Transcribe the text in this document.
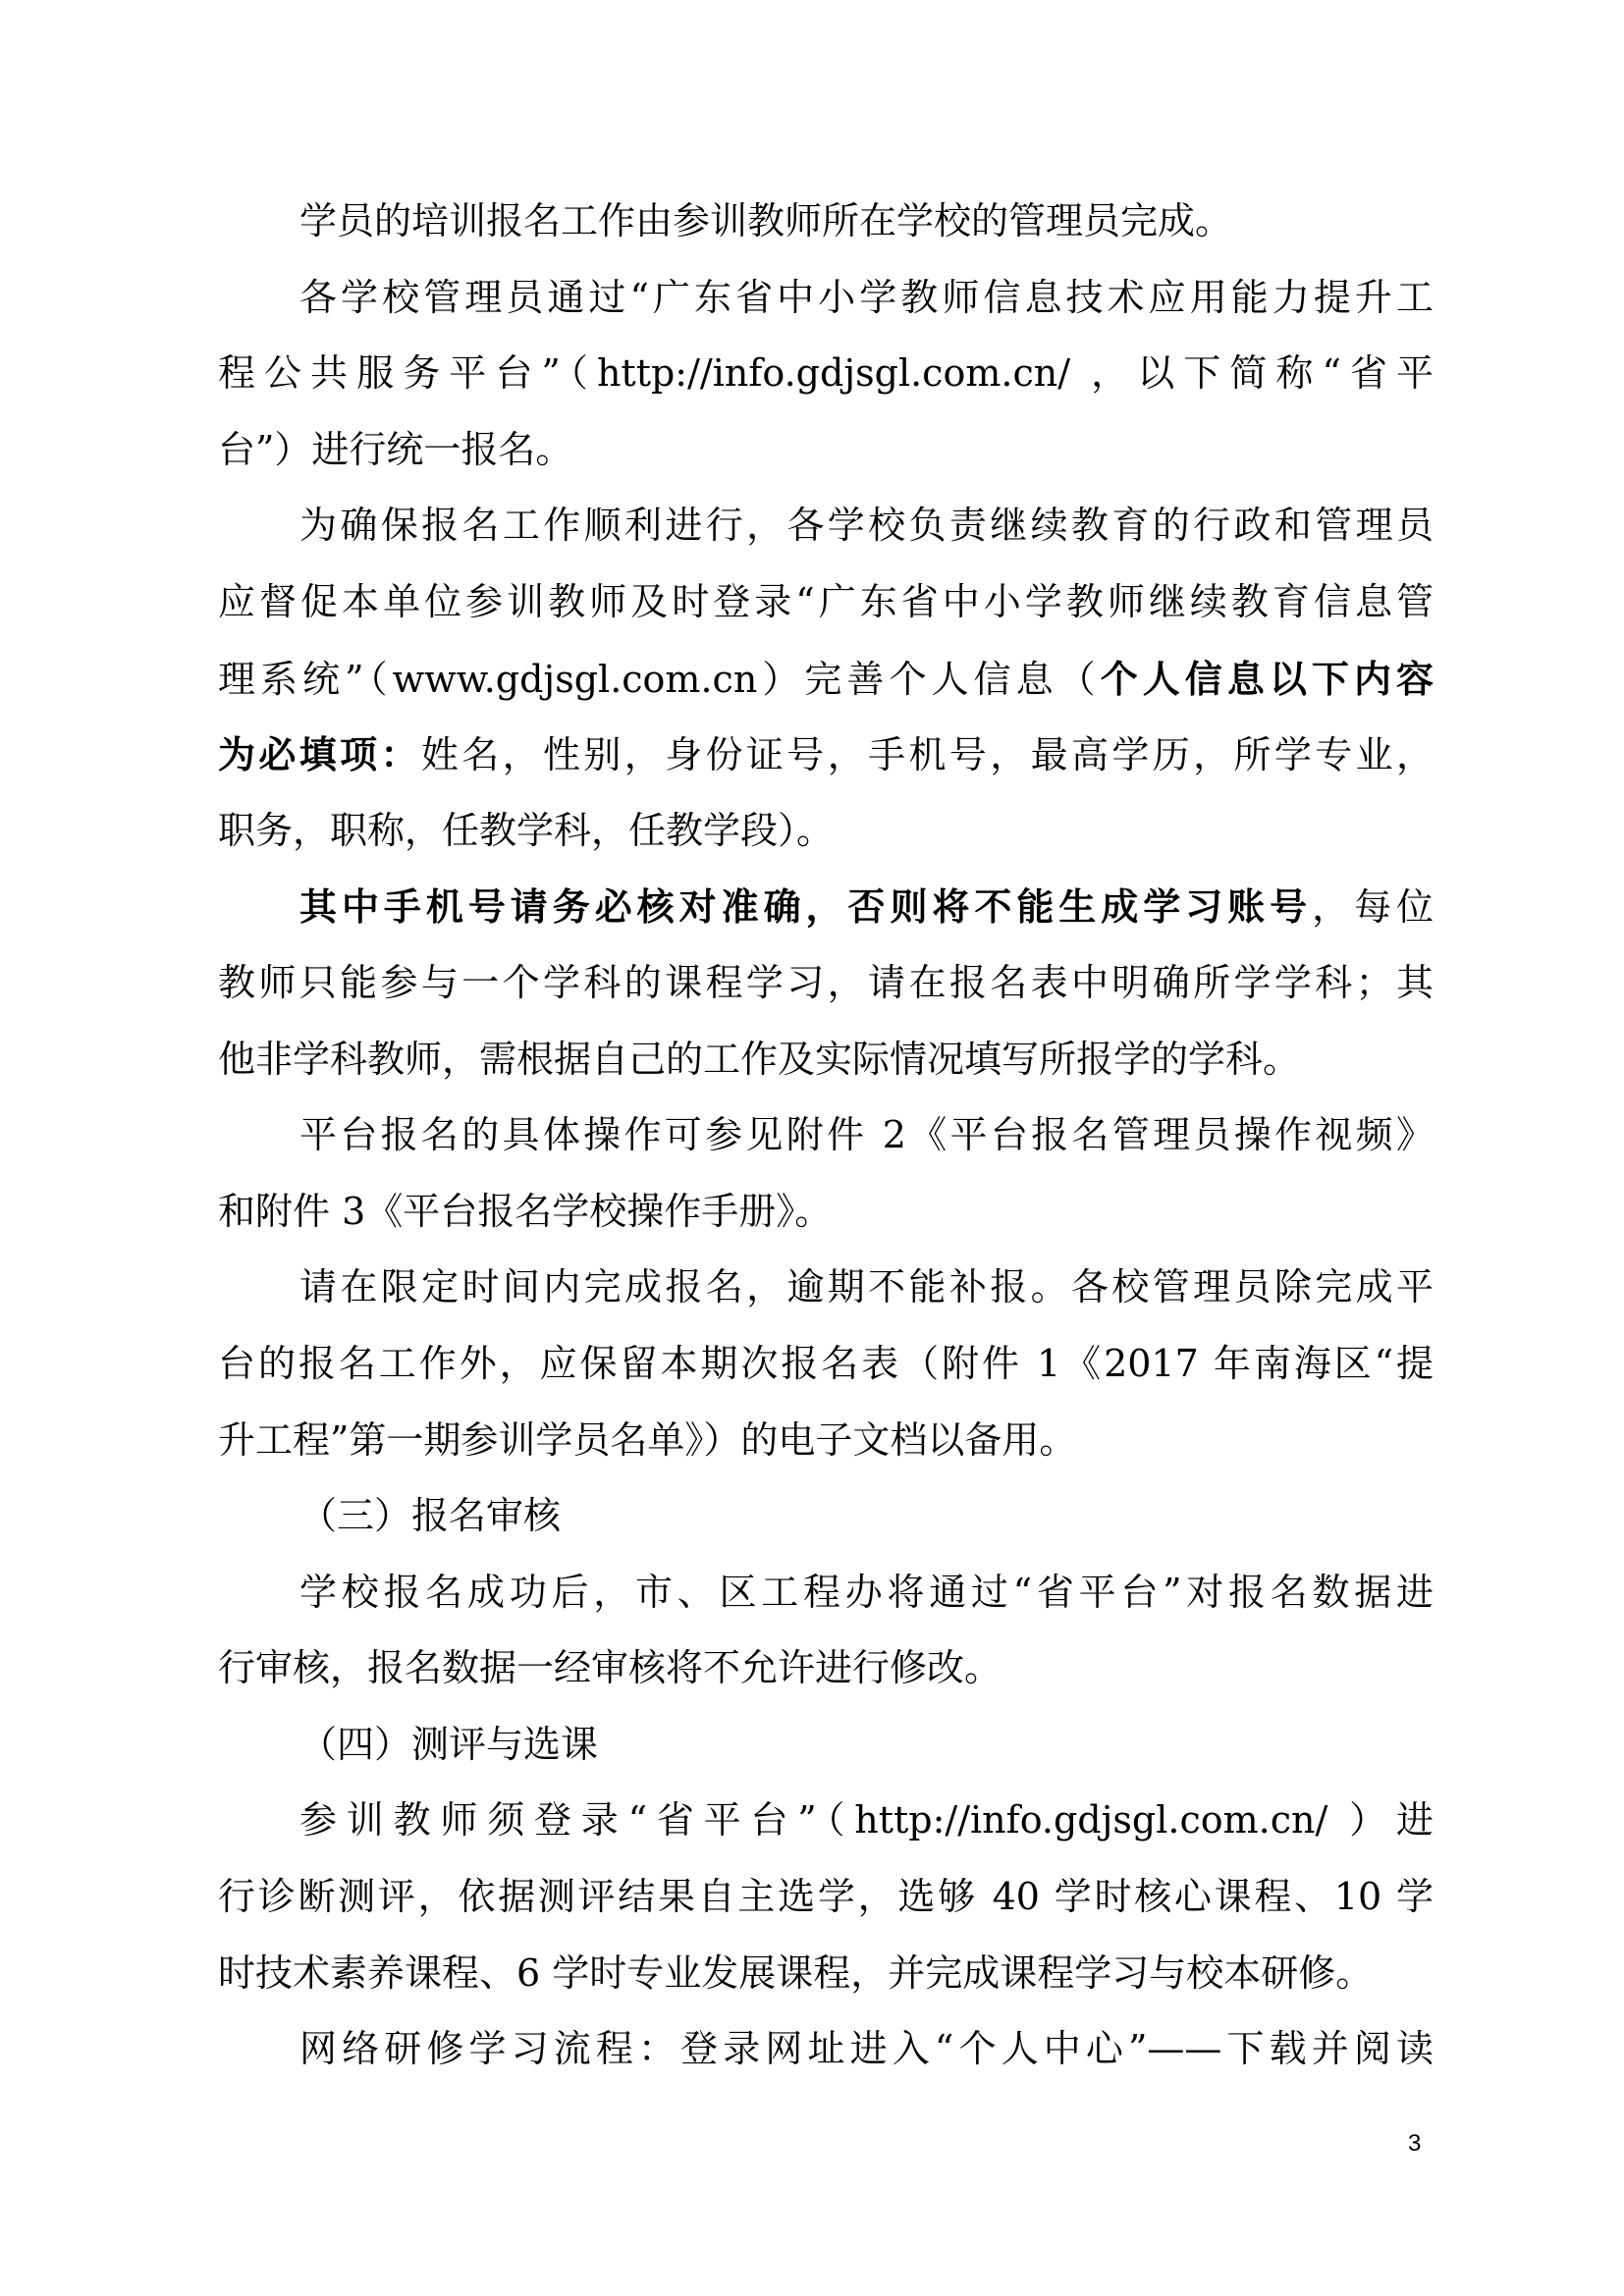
学员的培训报名工作由参训教师所在学校的管理员完成。
各学校管理员通过“广东省中小学教师信息技术应用能力提升工
程公共服务平台”（http://info.gdjsgl.com.cn/ ，以下简称“省平
台”）进行统一报名。
为确保报名工作顺利进行，各学校负责继续教育的行政和管理员
应督促本单位参训教师及时登录“广东省中小学教师继续教育信息管
理系统”（www.gdjsgl.com.cn）完善个人信息（个人信息以下内容
为必填项：姓名，性别，身份证号，手机号，最高学历，所学专业，
职务，职称，任教学科，任教学段）。
其中手机号请务必核对准确，否则将不能生成学习账号，每位
教师只能参与一个学科的课程学习，请在报名表中明确所学学科；其
他非学科教师，需根据自己的工作及实际情况填写所报学的学科。
平台报名的具体操作可参见附件 2《平台报名管理员操作视频》
和附件 3《平台报名学校操作手册》。
请在限定时间内完成报名，逾期不能补报。各校管理员除完成平
台的报名工作外，应保留本期次报名表（附件 1《2017 年南海区“提
升工程”第一期参训学员名单》）的电子文档以备用。
（三）报名审核
学校报名成功后，市、区工程办将通过“省平台”对报名数据进
行审核，报名数据一经审核将不允许进行修改。
（四）测评与选课
参训教师须登录“省平台”（http://info.gdjsgl.com.cn/ ）进
行诊断测评，依据测评结果自主选学，选够 40 学时核心课程、10 学
时技术素养课程、6 学时专业发展课程，并完成课程学习与校本研修。
网络研修学习流程：登录网址进入“个人中心”——下载并阅读
3
